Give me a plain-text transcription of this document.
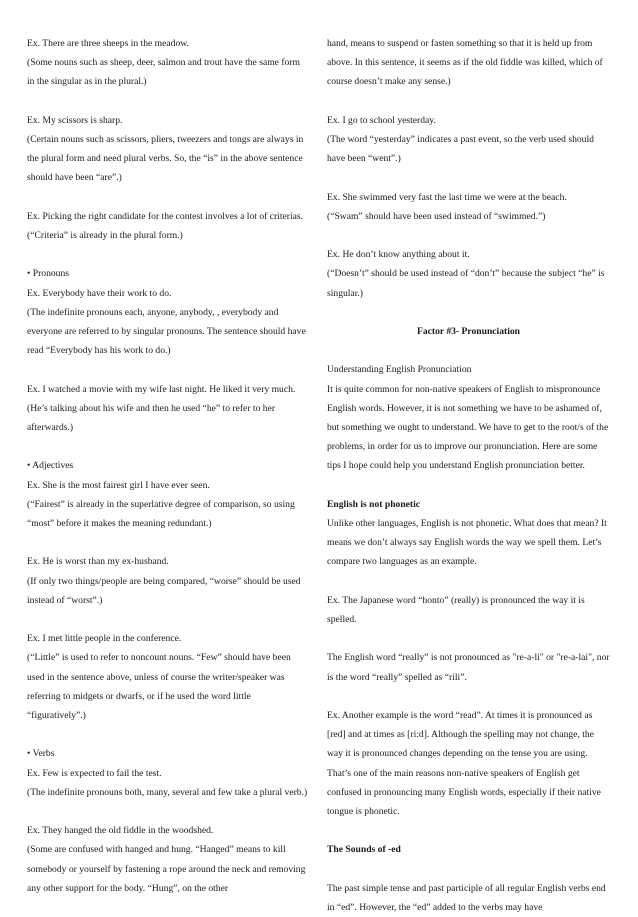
Ex. There are three sheeps in the meadow.
(Some nouns such as sheep, deer, salmon and trout have the same form in the singular as in the plural.)

Ex. My scissors is sharp.
(Certain nouns such as scissors, pliers, tweezers and tongs are always in the plural form and need plural verbs. So, the “is” in the above sentence should have been “are”.)

Ex. Picking the right candidate for the contest involves a lot of criterias.
(“Criteria” is already in the plural form.)

• Pronouns
Ex. Everybody have their work to do.
(The indefinite pronouns each, anyone, anybody, , everybody and everyone are referred to by singular pronouns. The sentence should have read “Everybody has his work to do.)

Ex. I watched a movie with my wife last night. He liked it very much.
(He’s talking about his wife and then he used “he” to refer to her afterwards.)

• Adjectives
Ex. She is the most fairest girl I have ever seen.
(“Fairest” is already in the superlative degree of comparison, so using “most” before it makes the meaning redundant.)

Ex. He is worst than my ex-husband.
(If only two things/people are being compared, “worse” should be used instead of “worst”.)

Ex. I met little people in the conference.
(“Little” is used to refer to noncount nouns. “Few” should have been used in the sentence above, unless of course the writer/speaker was referring to midgets or dwarfs, or if he used the word little “figuratively”.)

• Verbs
Ex. Few is expected to fail the test.
(The indefinite pronouns both, many, several and few take a plural verb.)

Ex. They hanged the old fiddle in the woodshed.
(Some are confused with hanged and hung. “Hanged” means to kill somebody or yourself by fastening a rope around the neck and removing any other support for the body. “Hung”, on the other

hand, means to suspend or fasten something so that it is held up from above. In this sentence, it seems as if the old fiddle was killed, which of course doesn’t make any sense.)

Ex. I go to school yesterday.
(The word “yesterday” indicates a past event, so the verb used should have been “went”.)

Ex. She swimmed very fast the last time we were at the beach.
(“Swam” should have been used instead of “swimmed.”)

Ex. He don’t know anything about it.
(“Doesn’t” should be used instead of “don’t” because the subject “he” is singular.)

Factor #3- Pronunciation

Understanding English Pronunciation
It is quite common for non-native speakers of English to mispronounce English words. However, it is not something we have to be ashamed of, but something we ought to understand. We have to get to the root/s of the problems, in order for us to improve our pronunciation. Here are some tips I hope could help you understand English pronunciation better.

English is not phonetic
Unlike other languages, English is not phonetic. What does that mean? It means we don’t always say English words the way we spell them. Let’s compare two languages as an example.

Ex. The Japanese word “honto” (really) is pronounced the way it is spelled.

The English word “really” is not pronounced as "re-a-li" or "re-a-lai", nor is the word “really” spelled as “rili”.

Ex. Another example is the word “read”. At times it is pronounced as [red] and at times as [ri:d]. Although the spelling may not change, the way it is pronounced changes depending on the tense you are using. That’s one of the main reasons non-native speakers of English get confused in pronouncing many English words, especially if their native tongue is phonetic.

The Sounds of -ed

The past simple tense and past participle of all regular English verbs end in “ed”. However, the “ed” added to the verbs may have
